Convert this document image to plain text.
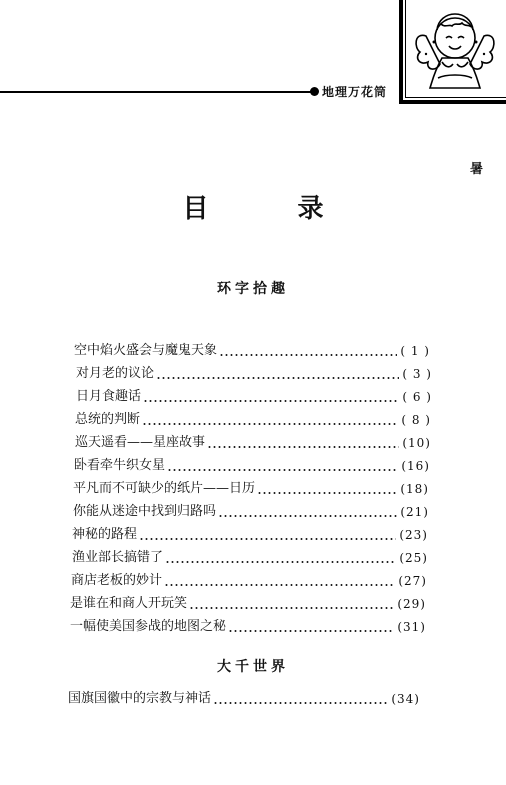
地理万花筒
暑
目 录
环字拾趣
空中焰火盛会与魔鬼天象	( 1 )
对月老的议论	( 3 )
日月食趣话	( 6 )
总统的判断	( 8 )
巡天遥看——星座故事	(10)
卧看牵牛织女星	(16)
平凡而不可缺少的纸片——日历	(18)
你能从迷途中找到归路吗	(21)
神秘的路程	(23)
渔业部长搞错了	(25)
商店老板的妙计	(27)
是谁在和商人开玩笑	(29)
一幅使美国参战的地图之秘	(31)
大千世界
国旗国徽中的宗教与神话	(34)
